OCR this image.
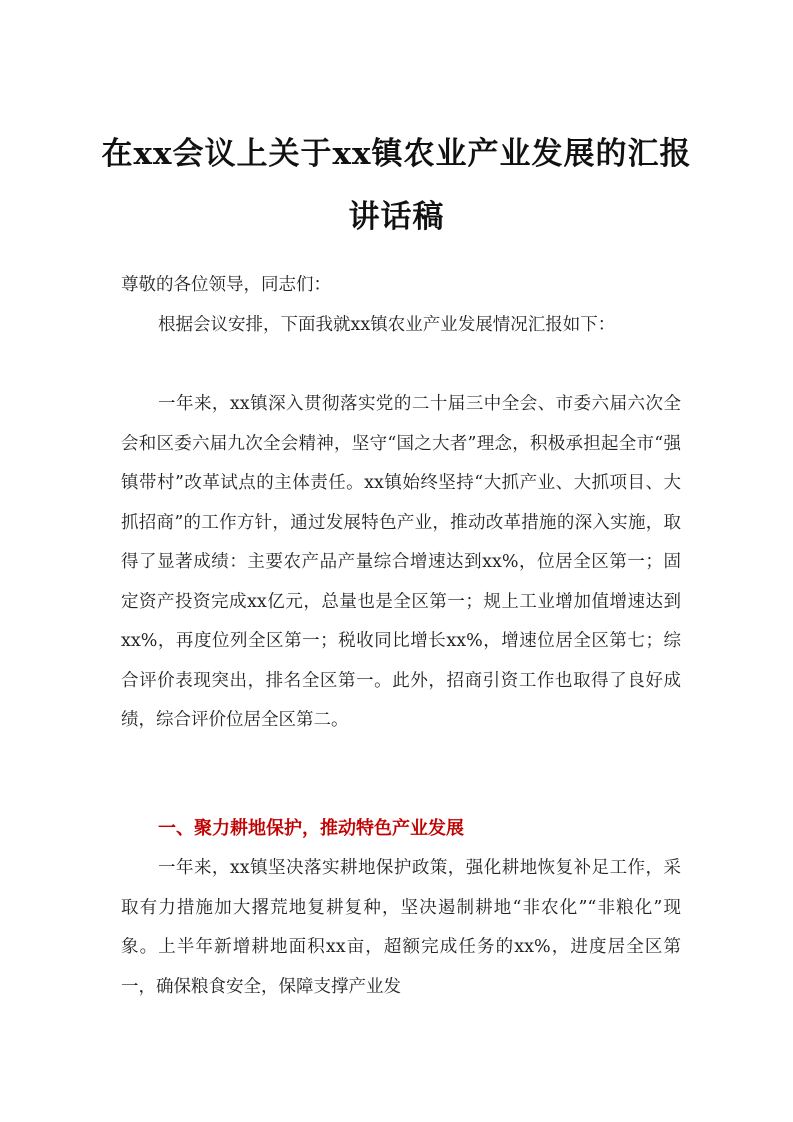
在xx会议上关于xx镇农业产业发展的汇报
讲话稿
尊敬的各位领导，同志们：
根据会议安排，下面我就xx镇农业产业发展情况汇报如下：
一年来，xx镇深入贯彻落实党的二十届三中全会、市委六届六次全会和区委六届九次全会精神，坚守“国之大者”理念，积极承担起全市“强镇带村”改革试点的主体责任。xx镇始终坚持“大抓产业、大抓项目、大抓招商”的工作方针，通过发展特色产业，推动改革措施的深入实施，取得了显著成绩：主要农产品产量综合增速达到xx%，位居全区第一；固定资产投资完成xx亿元，总量也是全区第一；规上工业增加值增速达到xx%，再度位列全区第一；税收同比增长xx%，增速位居全区第七；综合评价表现突出，排名全区第一。此外，招商引资工作也取得了良好成绩，综合评价位居全区第二。
一、聚力耕地保护，推动特色产业发展
一年来，xx镇坚决落实耕地保护政策，强化耕地恢复补足工作，采取有力措施加大撂荒地复耕复种，坚决遏制耕地“非农化”“非粮化”现象。上半年新增耕地面积xx亩，超额完成任务的xx%，进度居全区第一，确保粮食安全，保障支撑产业发
